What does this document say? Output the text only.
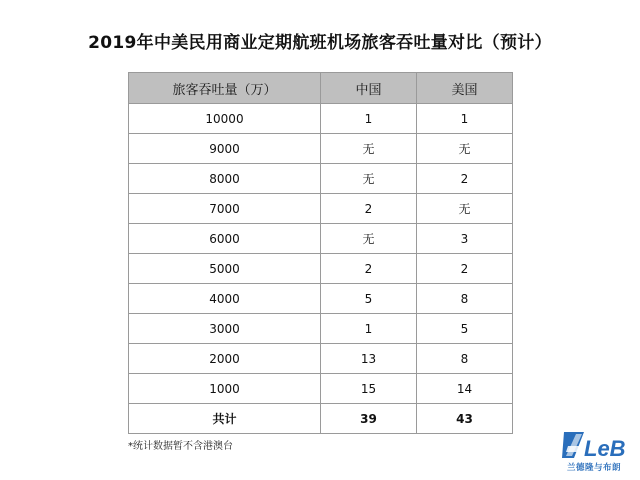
2019年中美民用商业定期航班机场旅客吞吐量对比（预计）
旅客吞吐量（万）	中国	美国
10000	1	1
9000	无	无
8000	无	2
7000	2	无
6000	无	3
5000	2	2
4000	5	8
3000	1	5
2000	13	8
1000	15	14
共计	39	43
*统计数据暂不含港澳台	LeB
兰德隆与布朗
